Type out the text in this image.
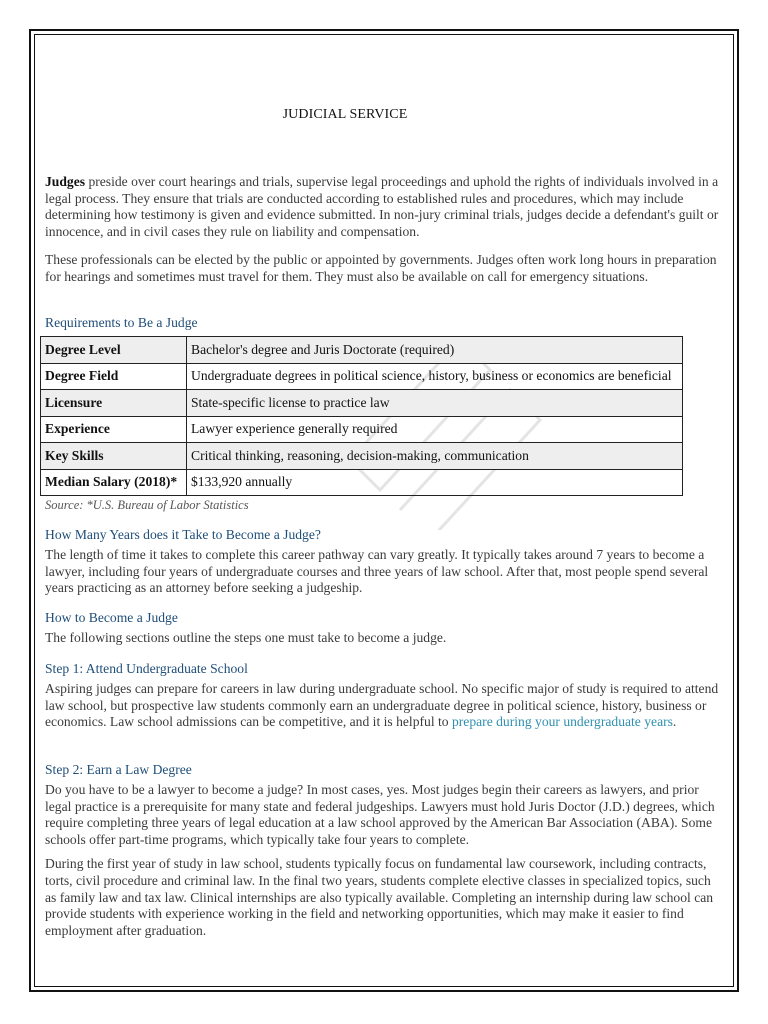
JUDICIAL SERVICE

Judges preside over court hearings and trials, supervise legal proceedings and uphold the rights of individuals involved in a legal process. They ensure that trials are conducted according to established rules and procedures, which may include determining how testimony is given and evidence submitted. In non-jury criminal trials, judges decide a defendant's guilt or innocence, and in civil cases they rule on liability and compensation.

These professionals can be elected by the public or appointed by governments. Judges often work long hours in preparation for hearings and sometimes must travel for them. They must also be available on call for emergency situations.

Requirements to Be a Judge
Degree Level	Bachelor's degree and Juris Doctorate (required)
Degree Field	Undergraduate degrees in political science, history, business or economics are beneficial
Licensure	State-specific license to practice law
Experience	Lawyer experience generally required
Key Skills	Critical thinking, reasoning, decision-making, communication
Median Salary (2018)*	$133,920 annually

Source: *U.S. Bureau of Labor Statistics

How Many Years does it Take to Become a Judge?

The length of time it takes to complete this career pathway can vary greatly. It typically takes around 7 years to become a lawyer, including four years of undergraduate courses and three years of law school. After that, most people spend several years practicing as an attorney before seeking a judgeship.

How to Become a Judge

The following sections outline the steps one must take to become a judge.

Step 1: Attend Undergraduate School

Aspiring judges can prepare for careers in law during undergraduate school. No specific major of study is required to attend law school, but prospective law students commonly earn an undergraduate degree in political science, history, business or economics. Law school admissions can be competitive, and it is helpful to prepare during your undergraduate years.

Step 2: Earn a Law Degree

Do you have to be a lawyer to become a judge? In most cases, yes. Most judges begin their careers as lawyers, and prior legal practice is a prerequisite for many state and federal judgeships. Lawyers must hold Juris Doctor (J.D.) degrees, which require completing three years of legal education at a law school approved by the American Bar Association (ABA). Some schools offer part-time programs, which typically take four years to complete.

During the first year of study in law school, students typically focus on fundamental law coursework, including contracts, torts, civil procedure and criminal law. In the final two years, students complete elective classes in specialized topics, such as family law and tax law. Clinical internships are also typically available. Completing an internship during law school can provide students with experience working in the field and networking opportunities, which may make it easier to find employment after graduation.
